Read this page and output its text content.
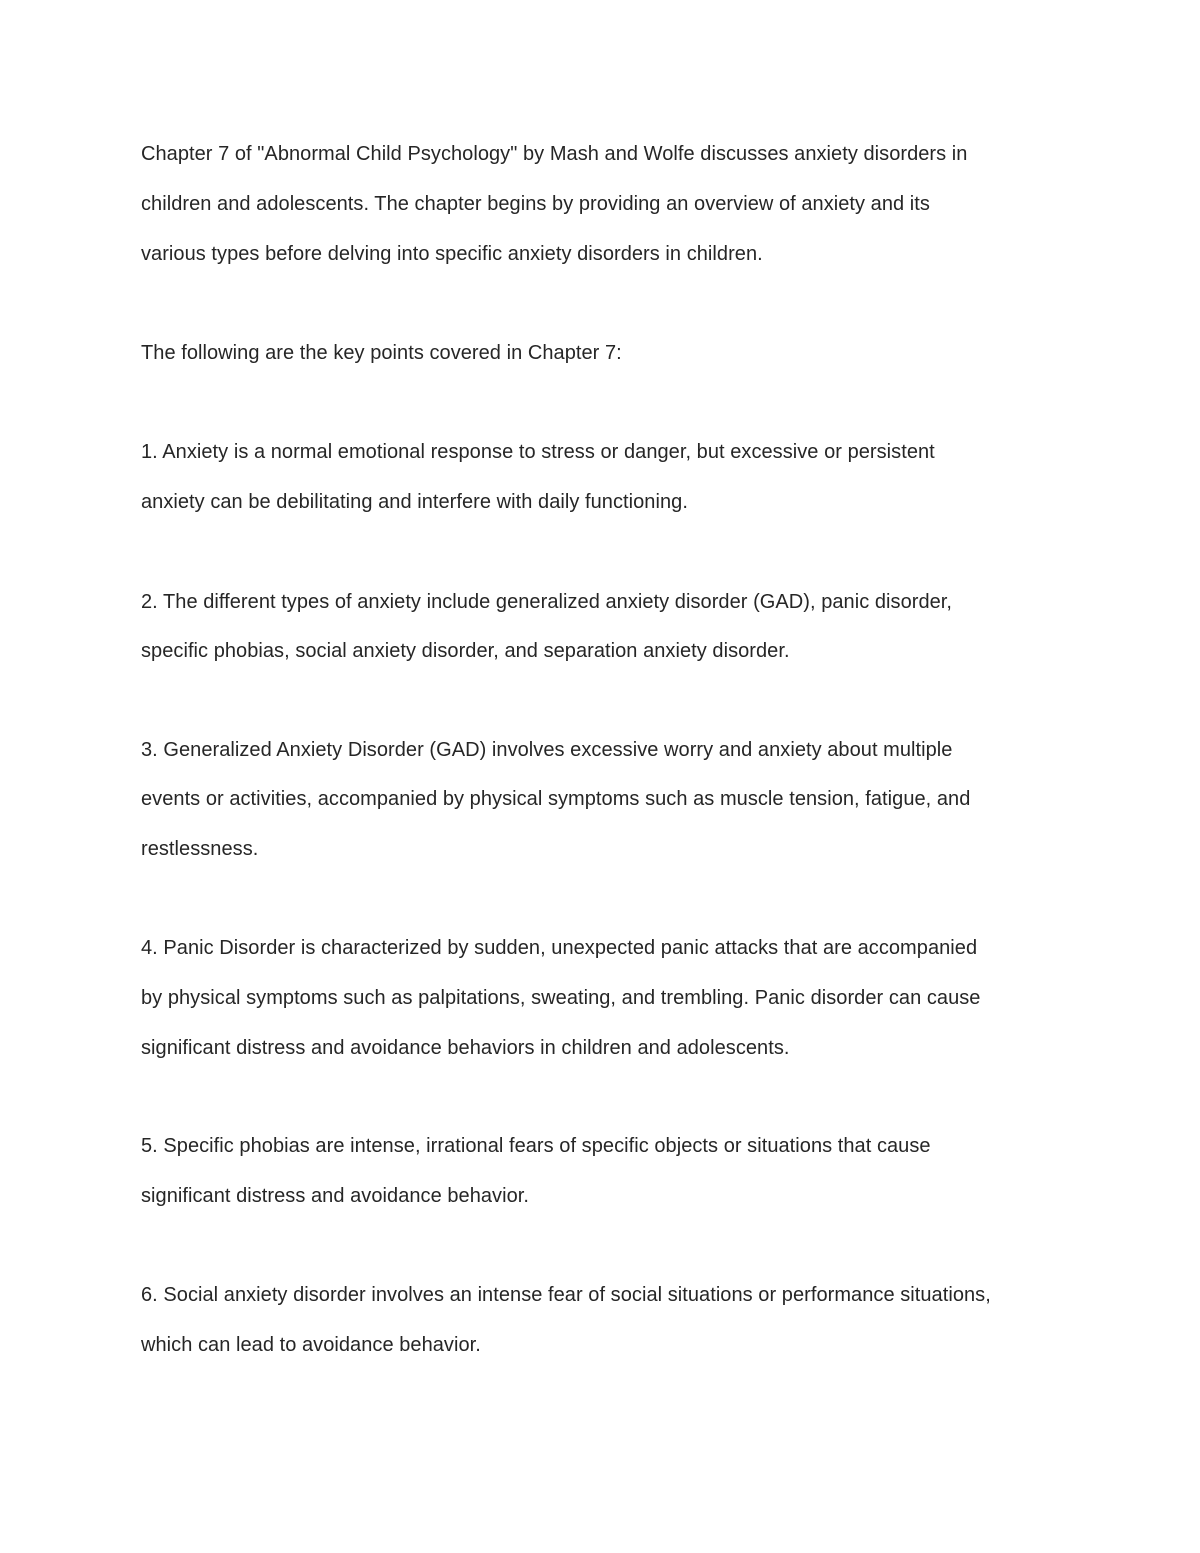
Chapter 7 of "Abnormal Child Psychology" by Mash and Wolfe discusses anxiety disorders in
children and adolescents. The chapter begins by providing an overview of anxiety and its
various types before delving into specific anxiety disorders in children.
The following are the key points covered in Chapter 7:
1. Anxiety is a normal emotional response to stress or danger, but excessive or persistent
anxiety can be debilitating and interfere with daily functioning.
2. The different types of anxiety include generalized anxiety disorder (GAD), panic disorder,
specific phobias, social anxiety disorder, and separation anxiety disorder.
3. Generalized Anxiety Disorder (GAD) involves excessive worry and anxiety about multiple
events or activities, accompanied by physical symptoms such as muscle tension, fatigue, and
restlessness.
4. Panic Disorder is characterized by sudden, unexpected panic attacks that are accompanied
by physical symptoms such as palpitations, sweating, and trembling. Panic disorder can cause
significant distress and avoidance behaviors in children and adolescents.
5. Specific phobias are intense, irrational fears of specific objects or situations that cause
significant distress and avoidance behavior.
6. Social anxiety disorder involves an intense fear of social situations or performance situations,
which can lead to avoidance behavior.
